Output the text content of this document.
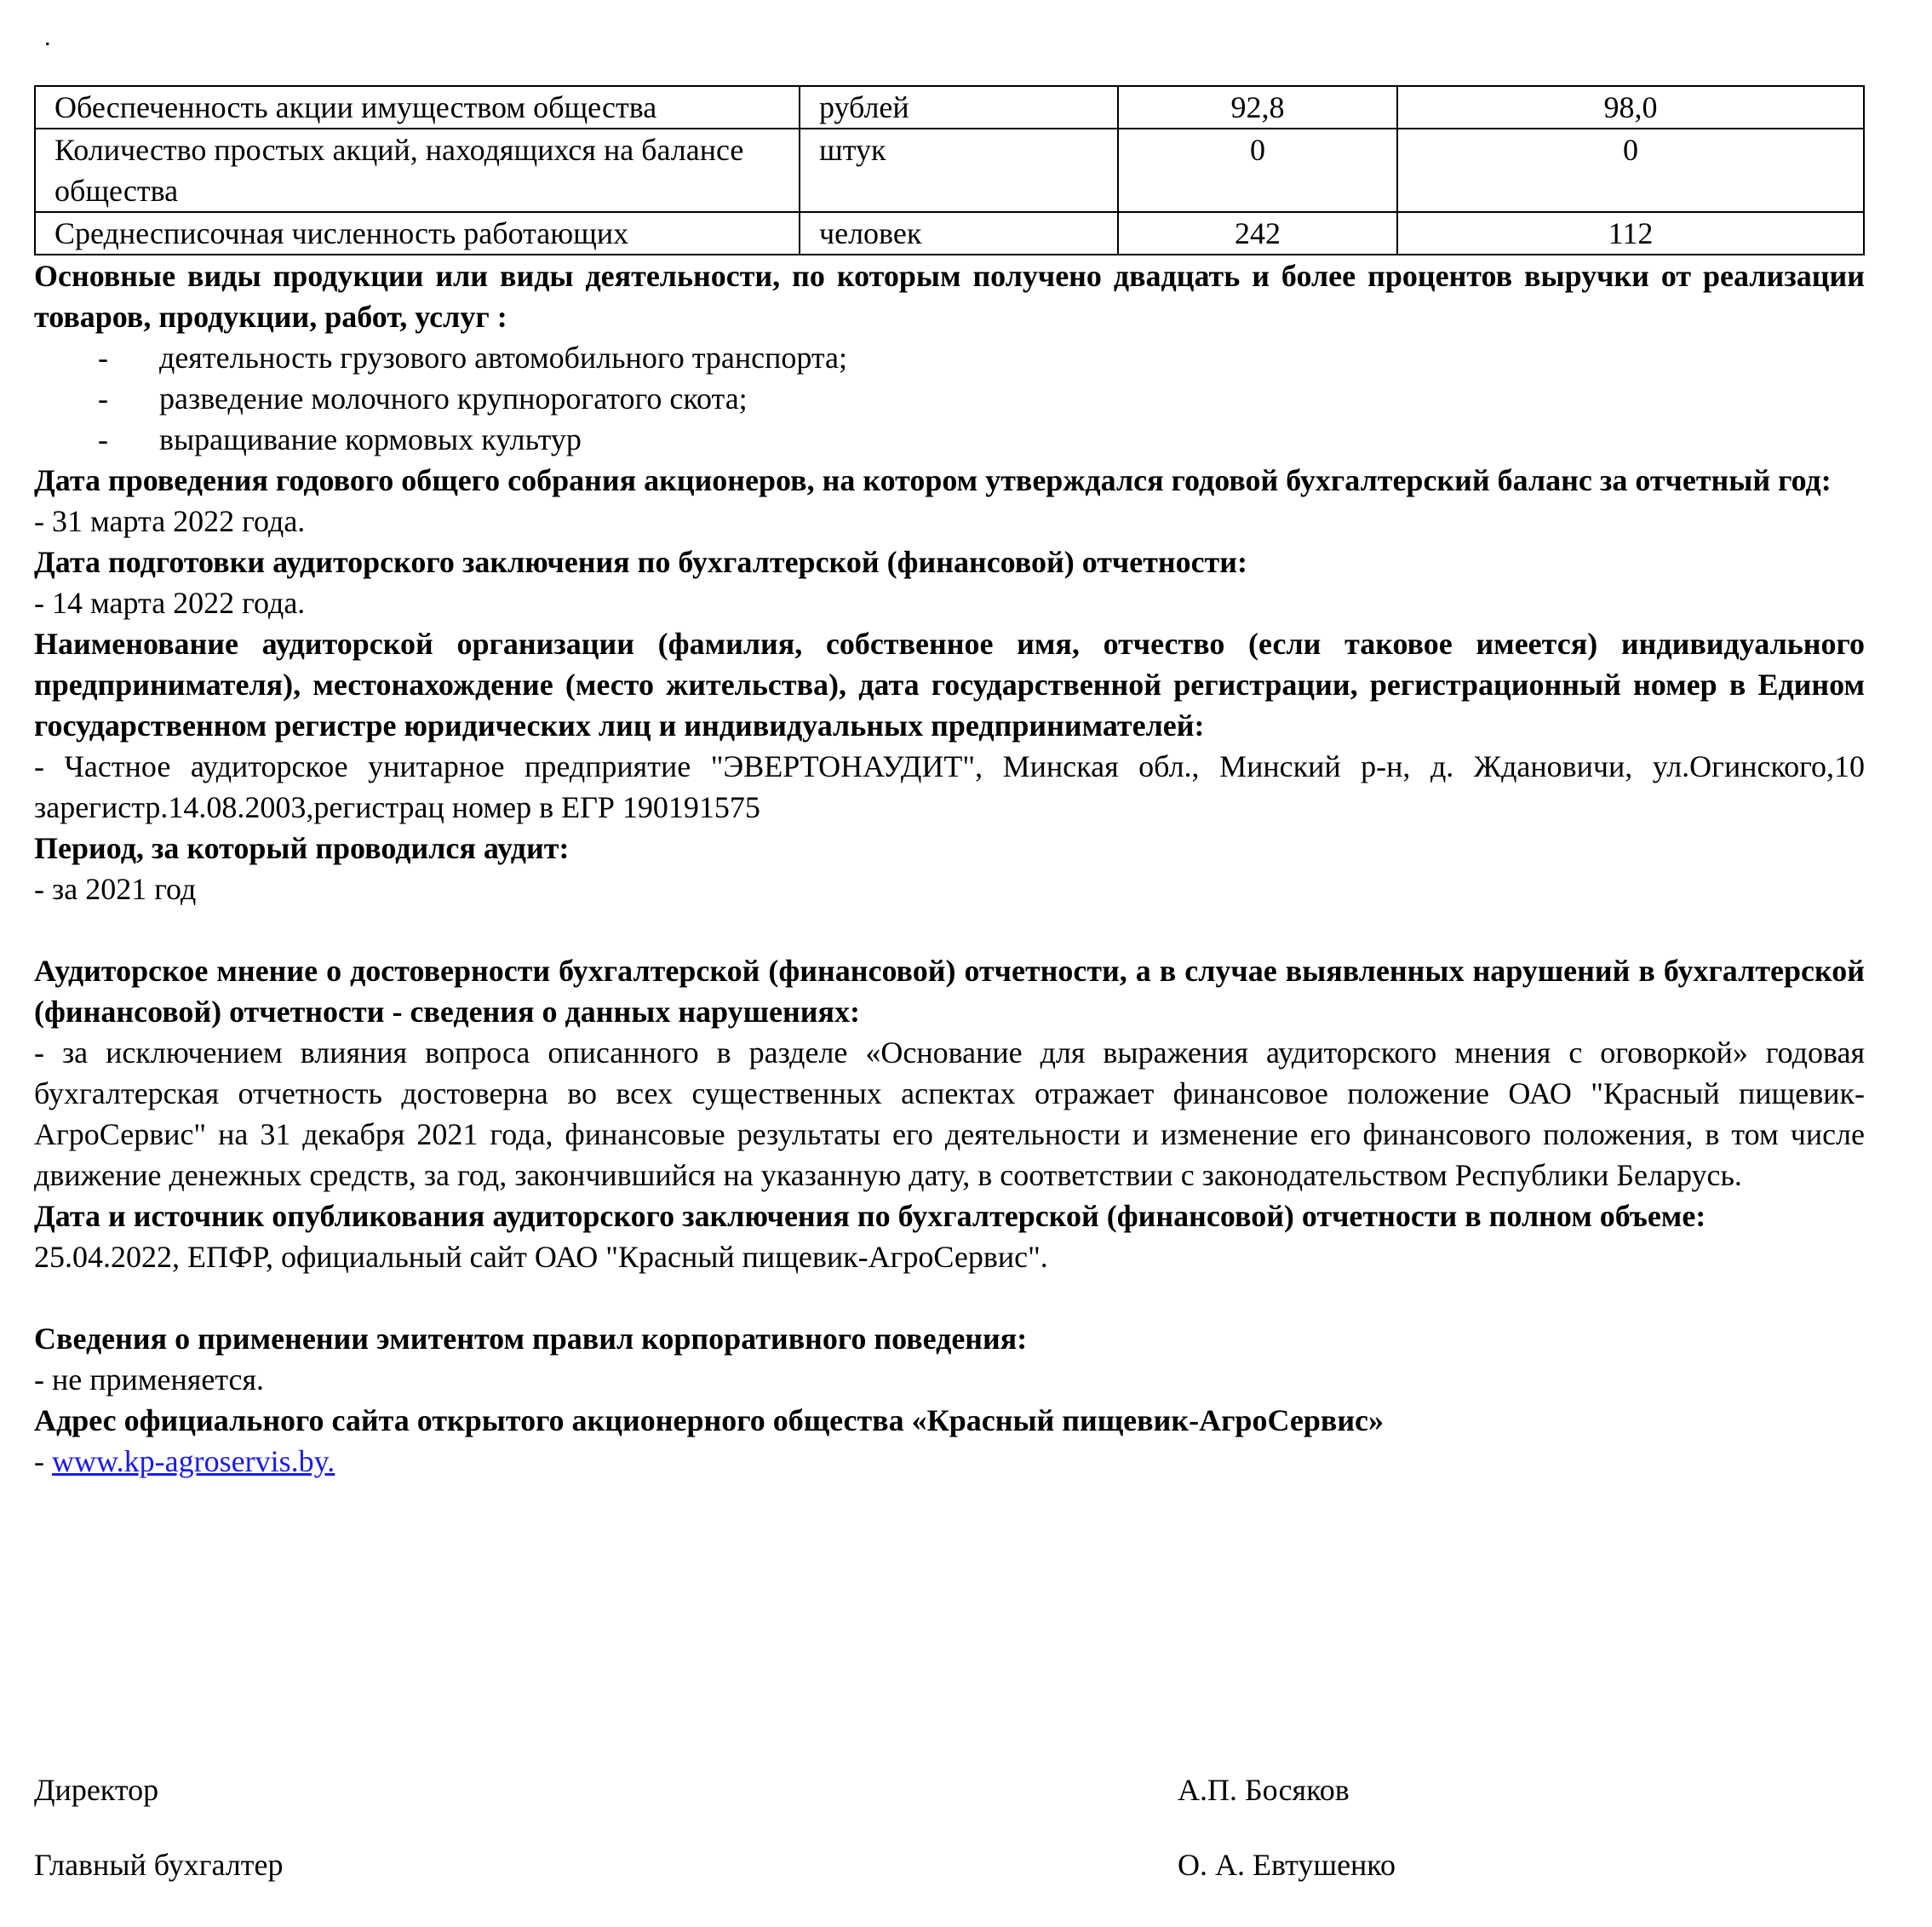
.
Обеспеченность акции имуществом общества	рублей	92,8	98,0
Количество простых акций, находящихся на балансе общества	штук	0	0
Среднесписочная численность работающих	человек	242	112

Основные виды продукции или виды деятельности, по которым получено двадцать и более процентов выручки от реализации товаров, продукции, работ, услуг :

- деятельность грузового автомобильного транспорта;
- разведение молочного крупнорогатого скота;
- выращивание кормовых культур

Дата проведения годового общего собрания акционеров, на котором утверждался годовой бухгалтерский баланс за отчетный год:

- 31 марта 2022 года.

Дата подготовки аудиторского заключения по бухгалтерской (финансовой) отчетности:

- 14 марта 2022 года.

Наименование аудиторской организации (фамилия, собственное имя, отчество (если таковое имеется) индивидуального предпринимателя), местонахождение (место жительства), дата государственной регистрации, регистрационный номер в Едином государственном регистре юридических лиц и индивидуальных предпринимателей:

- Частное аудиторское унитарное предприятие "ЭВЕРТОНАУДИТ", Минская обл., Минский р-н, д. Ждановичи, ул.Огинского,10 зарегистр.14.08.2003,регистрац номер в ЕГР 190191575

Период, за который проводился аудит:

- за 2021 год

Аудиторское мнение о достоверности бухгалтерской (финансовой) отчетности, а в случае выявленных нарушений в бухгалтерской (финансовой) отчетности - сведения о данных нарушениях:

- за исключением влияния вопроса описанного в разделе «Основание для выражения аудиторского мнения с оговоркой» годовая бухгалтерская отчетность достоверна во всех существенных аспектах отражает финансовое положение ОАО "Красный пищевик-АгроСервис" на 31 декабря 2021 года, финансовые результаты его деятельности и изменение его финансового положения, в том числе движение денежных средств, за год, закончившийся на указанную дату, в соответствии с законодательством Республики Беларусь.

Дата и источник опубликования аудиторского заключения по бухгалтерской (финансовой) отчетности в полном объеме:

25.04.2022, ЕПФР, официальный сайт ОАО "Красный пищевик-АгроСервис".

Сведения о применении эмитентом правил корпоративного поведения:

- не применяется.

Адрес официального сайта открытого акционерного общества «Красный пищевик-АгроСервис»

- www.kp-agroservis.by.

Директор	А.П. Босяков
Главный бухгалтер	О. А. Евтушенко
